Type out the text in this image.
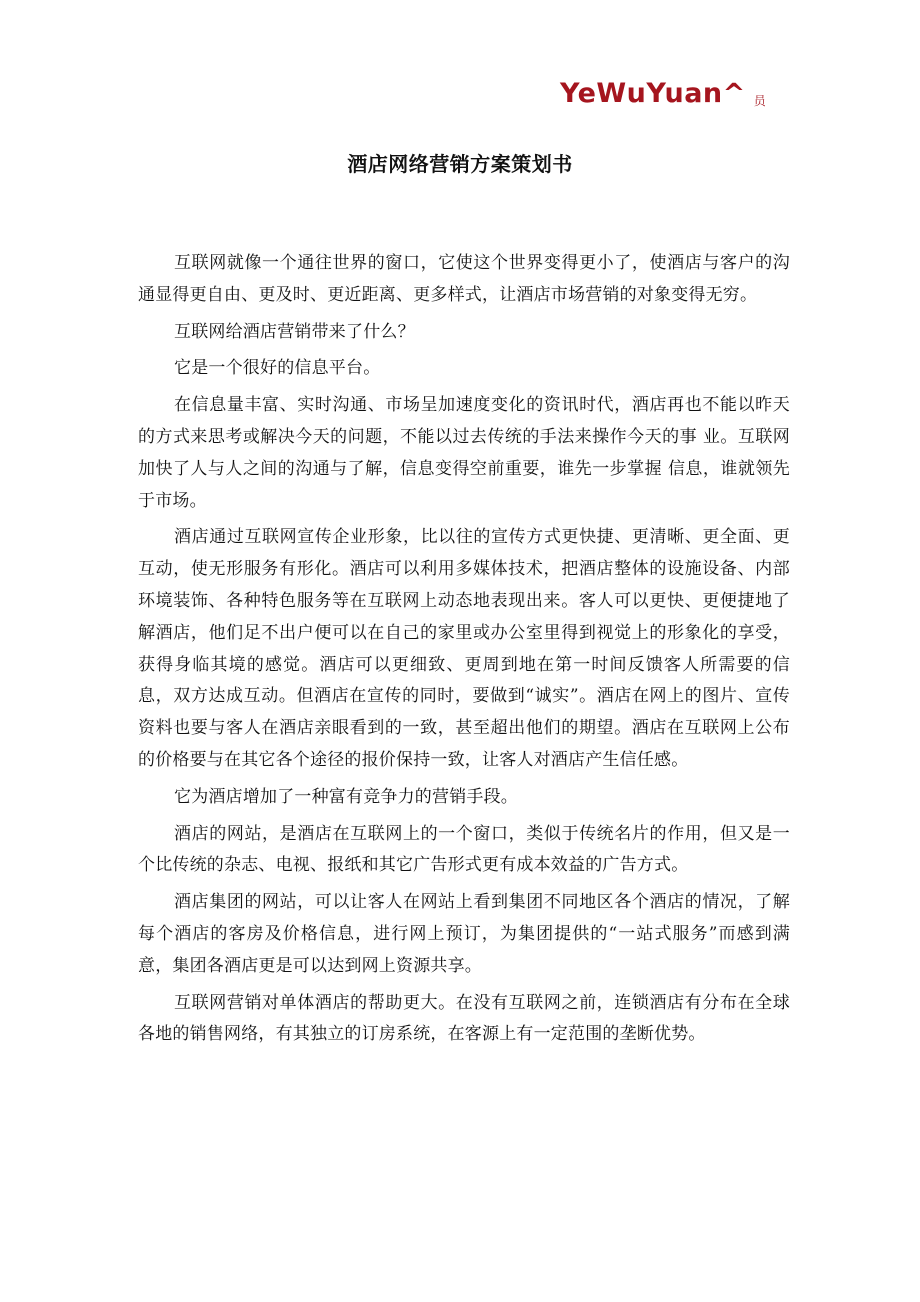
YeWuYuan^ 员
酒店网络营销方案策划书

互联网就像一个通往世界的窗口，它使这个世界变得更小了，使酒店与客户的沟通显得更自由、更及时、更近距离、更多样式，让酒店市场营销的对象变得无穷。

互联网给酒店营销带来了什么？

它是一个很好的信息平台。

在信息量丰富、实时沟通、市场呈加速度变化的资讯时代，酒店再也不能以昨天的方式来思考或解决今天的问题，不能以过去传统的手法来操作今天的事 业。互联网加快了人与人之间的沟通与了解，信息变得空前重要，谁先一步掌握 信息，谁就领先于市场。

酒店通过互联网宣传企业形象，比以往的宣传方式更快捷、更清晰、更全面、更互动，使无形服务有形化。酒店可以利用多媒体技术，把酒店整体的设施设备、内部环境装饰、各种特色服务等在互联网上动态地表现出来。客人可以更快、更便捷地了解酒店，他们足不出户便可以在自己的家里或办公室里得到视觉上的形象化的享受，获得身临其境的感觉。酒店可以更细致、更周到地在第一时间反馈客人所需要的信息，双方达成互动。但酒店在宣传的同时，要做到“诚实”。酒店在网上的图片、宣传资料也要与客人在酒店亲眼看到的一致，甚至超出他们的期望。酒店在互联网上公布的价格要与在其它各个途径的报价保持一致，让客人对酒店产生信任感。

它为酒店增加了一种富有竞争力的营销手段。

酒店的网站，是酒店在互联网上的一个窗口，类似于传统名片的作用，但又是一个比传统的杂志、电视、报纸和其它广告形式更有成本效益的广告方式。

酒店集团的网站，可以让客人在网站上看到集团不同地区各个酒店的情况，了解每个酒店的客房及价格信息，进行网上预订，为集团提供的“一站式服务”而感到满意，集团各酒店更是可以达到网上资源共享。

互联网营销对单体酒店的帮助更大。在没有互联网之前，连锁酒店有分布在全球各地的销售网络，有其独立的订房系统，在客源上有一定范围的垄断优势。
